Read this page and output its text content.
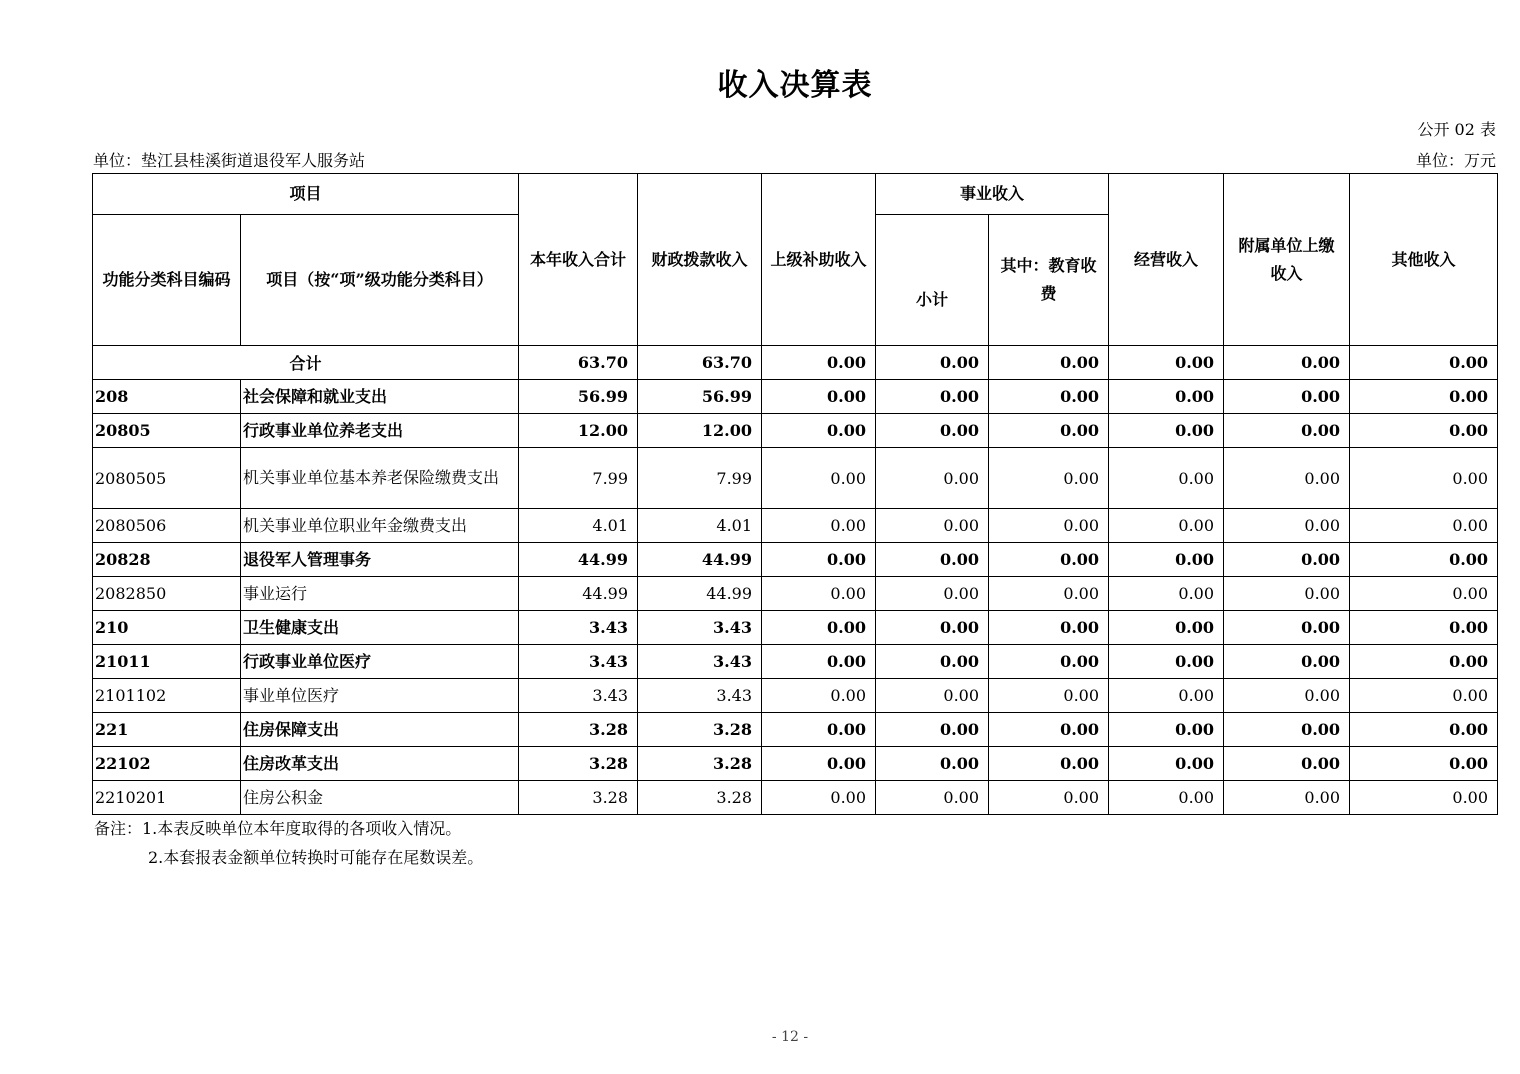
收入决算表
公开 02 表
单位：垫江县桂溪街道退役军人服务站	单位：万元
项目		本年收入合计	财政拨款收入	上级补助收入	事业收入		经营收入	附属单位上缴收入	其他收入
功能分类科目编码	项目（按“项”级功能分类科目）				小计	其中：教育收费			
合计		63.70	63.70	0.00	0.00	0.00	0.00	0.00	0.00
208	社会保障和就业支出	56.99	56.99	0.00	0.00	0.00	0.00	0.00	0.00
20805	行政事业单位养老支出	12.00	12.00	0.00	0.00	0.00	0.00	0.00	0.00
2080505	机关事业单位基本养老保险缴费支出	7.99	7.99	0.00	0.00	0.00	0.00	0.00	0.00
2080506	机关事业单位职业年金缴费支出	4.01	4.01	0.00	0.00	0.00	0.00	0.00	0.00
20828	退役军人管理事务	44.99	44.99	0.00	0.00	0.00	0.00	0.00	0.00
2082850	事业运行	44.99	44.99	0.00	0.00	0.00	0.00	0.00	0.00
210	卫生健康支出	3.43	3.43	0.00	0.00	0.00	0.00	0.00	0.00
21011	行政事业单位医疗	3.43	3.43	0.00	0.00	0.00	0.00	0.00	0.00
2101102	事业单位医疗	3.43	3.43	0.00	0.00	0.00	0.00	0.00	0.00
221	住房保障支出	3.28	3.28	0.00	0.00	0.00	0.00	0.00	0.00
22102	住房改革支出	3.28	3.28	0.00	0.00	0.00	0.00	0.00	0.00
2210201	住房公积金	3.28	3.28	0.00	0.00	0.00	0.00	0.00	0.00
备注：1.本表反映单位本年度取得的各项收入情况。
2.本套报表金额单位转换时可能存在尾数误差。
- 12 -
